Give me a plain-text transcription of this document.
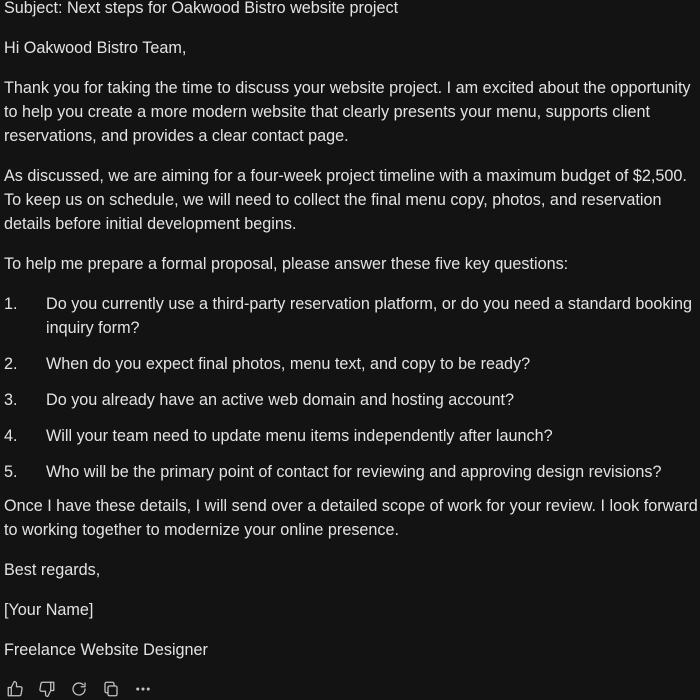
Subject: Next steps for Oakwood Bistro website project

Hi Oakwood Bistro Team,

Thank you for taking the time to discuss your website project. I am excited about the opportunity to help you create a more modern website that clearly presents your menu, supports client reservations, and provides a clear contact page.

As discussed, we are aiming for a four-week project timeline with a maximum budget of $2,500.
To keep us on schedule, we will need to collect the final menu copy, photos, and reservation details before initial development begins.

To help me prepare a formal proposal, please answer these five key questions:

1.	Do you currently use a third-party reservation platform, or do you need a standard booking inquiry form?
2.	When do you expect final photos, menu text, and copy to be ready?
3.	Do you already have an active web domain and hosting account?
4.	Will your team need to update menu items independently after launch?
5.	Who will be the primary point of contact for reviewing and approving design revisions?

Once I have these details, I will send over a detailed scope of work for your review. I look forward to working together to modernize your online presence.

Best regards,

[Your Name]

Freelance Website Designer
